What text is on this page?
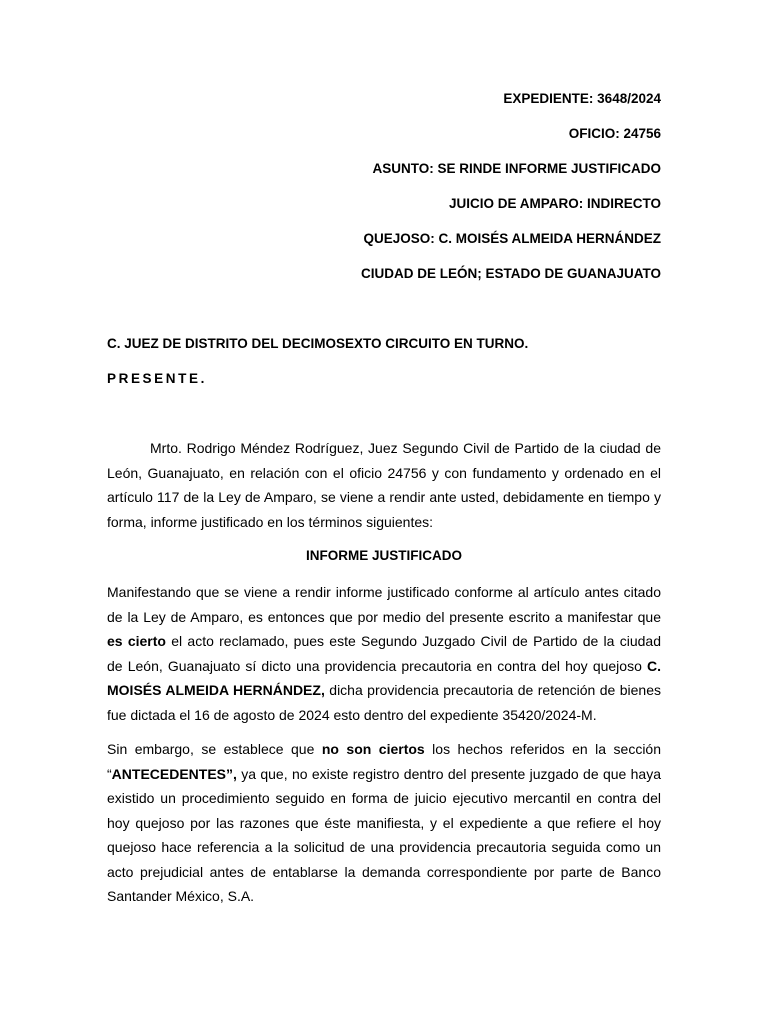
EXPEDIENTE: 3648/2024
OFICIO: 24756
ASUNTO: SE RINDE INFORME JUSTIFICADO
JUICIO DE AMPARO: INDIRECTO
QUEJOSO: C. MOISÉS ALMEIDA HERNÁNDEZ
CIUDAD DE LEÓN; ESTADO DE GUANAJUATO
C. JUEZ DE DISTRITO DEL DECIMOSEXTO CIRCUITO EN TURNO.
PRESENTE.
Mrto. Rodrigo Méndez Rodríguez, Juez Segundo Civil de Partido de la ciudad de León, Guanajuato, en relación con el oficio 24756 y con fundamento y ordenado en el artículo 117 de la Ley de Amparo, se viene a rendir ante usted, debidamente en tiempo y forma, informe justificado en los términos siguientes:
INFORME JUSTIFICADO
Manifestando que se viene a rendir informe justificado conforme al artículo antes citado de la Ley de Amparo, es entonces que por medio del presente escrito a manifestar que es cierto el acto reclamado, pues este Segundo Juzgado Civil de Partido de la ciudad de León, Guanajuato sí dicto una providencia precautoria en contra del hoy quejoso C. MOISÉS ALMEIDA HERNÁNDEZ, dicha providencia precautoria de retención de bienes fue dictada el 16 de agosto de 2024 esto dentro del expediente 35420/2024-M.
Sin embargo, se establece que no son ciertos los hechos referidos en la sección “ANTECEDENTES”, ya que, no existe registro dentro del presente juzgado de que haya existido un procedimiento seguido en forma de juicio ejecutivo mercantil en contra del hoy quejoso por las razones que éste manifiesta, y el expediente a que refiere el hoy quejoso hace referencia a la solicitud de una providencia precautoria seguida como un acto prejudicial antes de entablarse la demanda correspondiente por parte de Banco Santander México, S.A.
